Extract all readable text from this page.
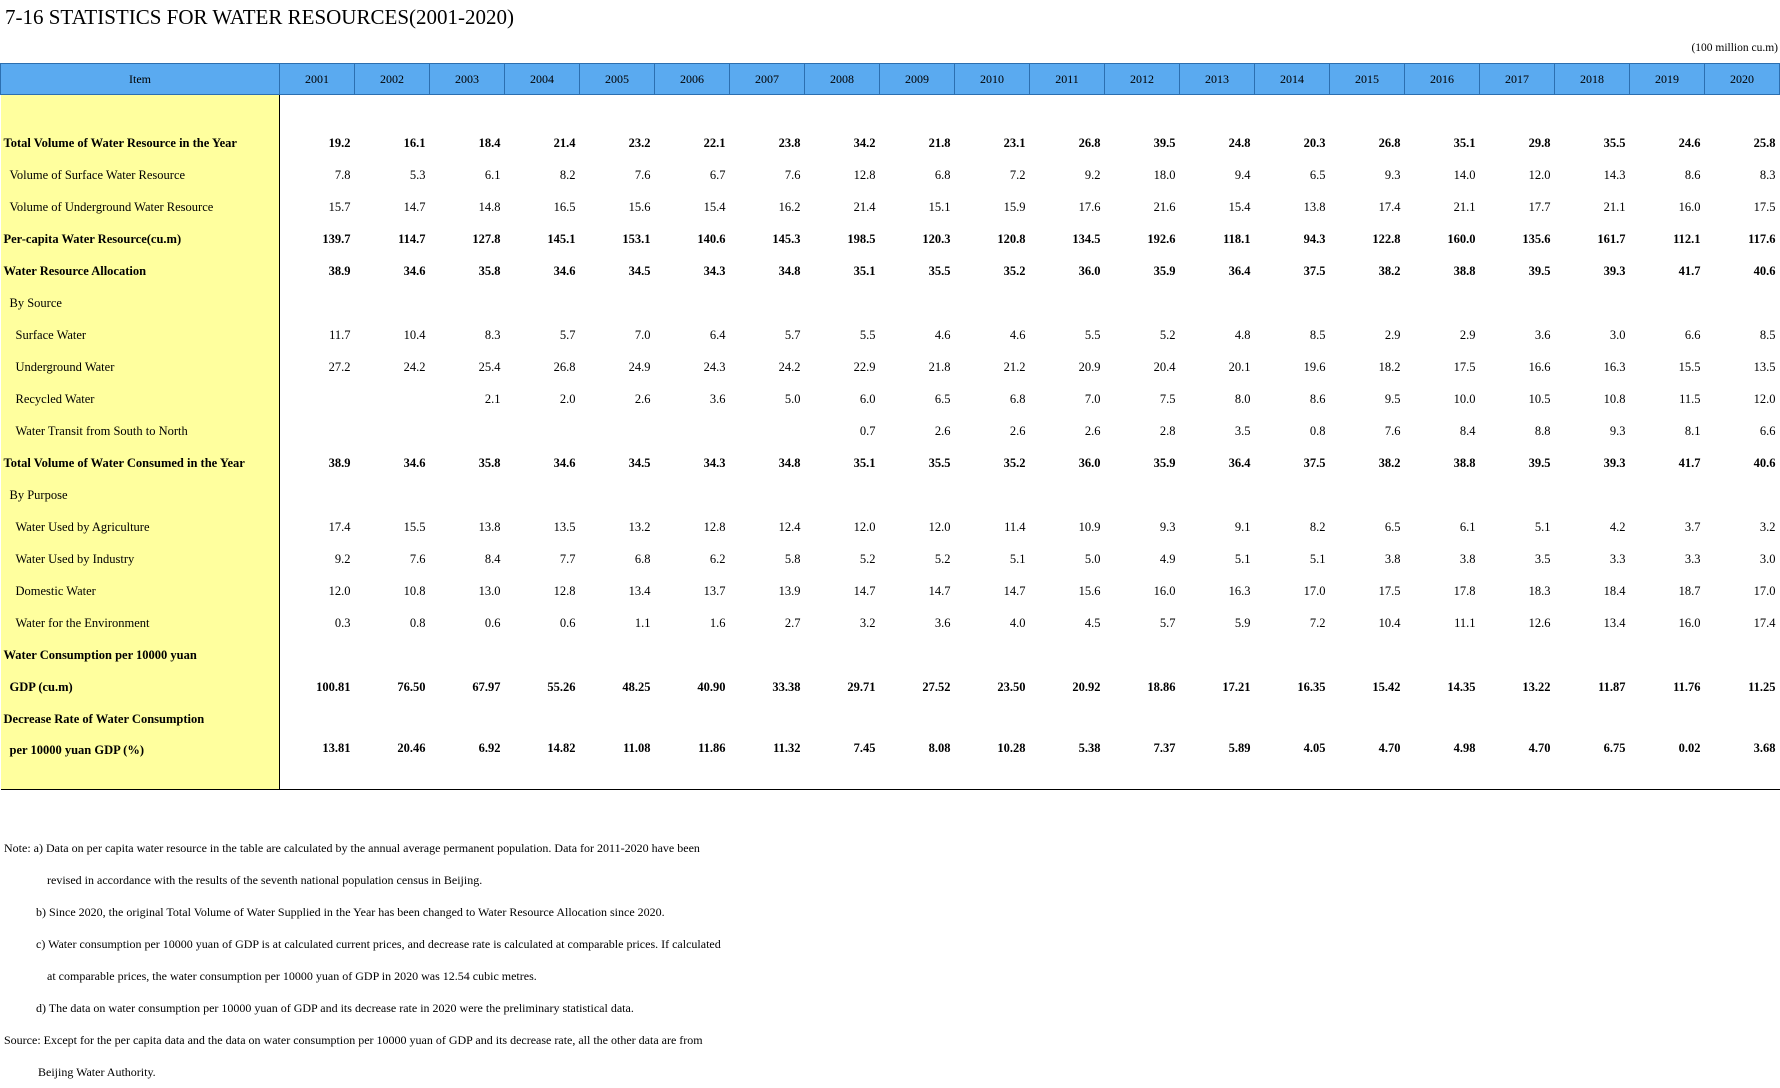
7-16 STATISTICS FOR WATER RESOURCES(2001-2020)
(100 million cu.m)
Item	2001	2002	2003	2004	2005	2006	2007	2008	2009	2010	2011	2012	2013	2014	2015	2016	2017	2018	2019	2020

Total Volume of Water Resource in the Year	19.2	16.1	18.4	21.4	23.2	22.1	23.8	34.2	21.8	23.1	26.8	39.5	24.8	20.3	26.8	35.1	29.8	35.5	24.6	25.8
Volume of Surface Water Resource	7.8	5.3	6.1	8.2	7.6	6.7	7.6	12.8	6.8	7.2	9.2	18.0	9.4	6.5	9.3	14.0	12.0	14.3	8.6	8.3
Volume of Underground Water Resource	15.7	14.7	14.8	16.5	15.6	15.4	16.2	21.4	15.1	15.9	17.6	21.6	15.4	13.8	17.4	21.1	17.7	21.1	16.0	17.5
Per-capita Water Resource(cu.m)	139.7	114.7	127.8	145.1	153.1	140.6	145.3	198.5	120.3	120.8	134.5	192.6	118.1	94.3	122.8	160.0	135.6	161.7	112.1	117.6
Water Resource Allocation	38.9	34.6	35.8	34.6	34.5	34.3	34.8	35.1	35.5	35.2	36.0	35.9	36.4	37.5	38.2	38.8	39.5	39.3	41.7	40.6
By Source																				
Surface Water	11.7	10.4	8.3	5.7	7.0	6.4	5.7	5.5	4.6	4.6	5.5	5.2	4.8	8.5	2.9	2.9	3.6	3.0	6.6	8.5
Underground Water	27.2	24.2	25.4	26.8	24.9	24.3	24.2	22.9	21.8	21.2	20.9	20.4	20.1	19.6	18.2	17.5	16.6	16.3	15.5	13.5
Recycled Water			2.1	2.0	2.6	3.6	5.0	6.0	6.5	6.8	7.0	7.5	8.0	8.6	9.5	10.0	10.5	10.8	11.5	12.0
Water Transit from South to North								0.7	2.6	2.6	2.6	2.8	3.5	0.8	7.6	8.4	8.8	9.3	8.1	6.6
Total Volume of Water Consumed in the Year	38.9	34.6	35.8	34.6	34.5	34.3	34.8	35.1	35.5	35.2	36.0	35.9	36.4	37.5	38.2	38.8	39.5	39.3	41.7	40.6
By Purpose																				
Water Used by Agriculture	17.4	15.5	13.8	13.5	13.2	12.8	12.4	12.0	12.0	11.4	10.9	9.3	9.1	8.2	6.5	6.1	5.1	4.2	3.7	3.2
Water Used by Industry	9.2	7.6	8.4	7.7	6.8	6.2	5.8	5.2	5.2	5.1	5.0	4.9	5.1	5.1	3.8	3.8	3.5	3.3	3.3	3.0
Domestic Water	12.0	10.8	13.0	12.8	13.4	13.7	13.9	14.7	14.7	14.7	15.6	16.0	16.3	17.0	17.5	17.8	18.3	18.4	18.7	17.0
Water for the Environment	0.3	0.8	0.6	0.6	1.1	1.6	2.7	3.2	3.6	4.0	4.5	5.7	5.9	7.2	10.4	11.1	12.6	13.4	16.0	17.4
Water Consumption per 10000 yuan																				
GDP (cu.m)	100.81	76.50	67.97	55.26	48.25	40.90	33.38	29.71	27.52	23.50	20.92	18.86	17.21	16.35	15.42	14.35	13.22	11.87	11.76	11.25
Decrease Rate of Water Consumption																				
per 10000 yuan GDP (%)	13.81	20.46	6.92	14.82	11.08	11.86	11.32	7.45	8.08	10.28	5.38	7.37	5.89	4.05	4.70	4.98	4.70	6.75	0.02	3.68

Note: a) Data on per capita water resource in the table are calculated by the annual average permanent population. Data for 2011-2020 have been

revised in accordance with the results of the seventh national population census in Beijing.

b) Since 2020, the original Total Volume of Water Supplied in the Year has been changed to Water Resource Allocation since 2020.

c) Water consumption per 10000 yuan of GDP is at calculated current prices, and decrease rate is calculated at comparable prices. If calculated

at comparable prices, the water consumption per 10000 yuan of GDP in 2020 was 12.54 cubic metres.

d) The data on water consumption per 10000 yuan of GDP and its decrease rate in 2020 were the preliminary statistical data.

Source: Except for the per capita data and the data on water consumption per 10000 yuan of GDP and its decrease rate, all the other data are from

Beijing Water Authority.
